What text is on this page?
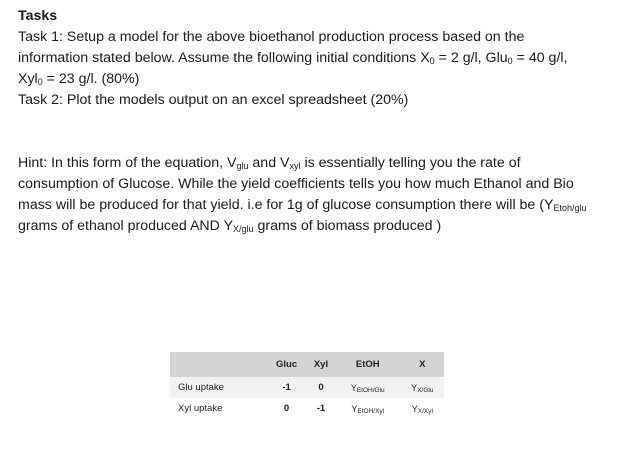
Tasks

Task 1: Setup a model for the above bioethanol production process based on the

information stated below. Assume the following initial conditions $X_0 = 2$ g/l, Glu$_0$ = 40 g/l,

Xyl$_0$ = 23 g/l. (80%)

Task 2: Plot the models output on an excel spreadsheet (20%)

Hint: In this form of the equation, $V_{glu}$ and $V_{xyl}$ is essentially telling you the rate of

consumption of Glucose. While the yield coefficients tells you how much Ethanol and Bio

mass will be produced for that yield. i.e for 1g of glucose consumption there will be ($Y_{Etoh/glu}$

grams of ethanol produced AND $Y_{X/glu}$ grams of biomass produced )

	Gluc	Xyl	EtOH	X
Glu uptake	-1	0	$Y_{EtOH/Glu}$	$Y_{X/Glu}$
Xyl uptake	0	-1	$Y_{EtOH/Xyl}$	$Y_{X/Xyl}$
